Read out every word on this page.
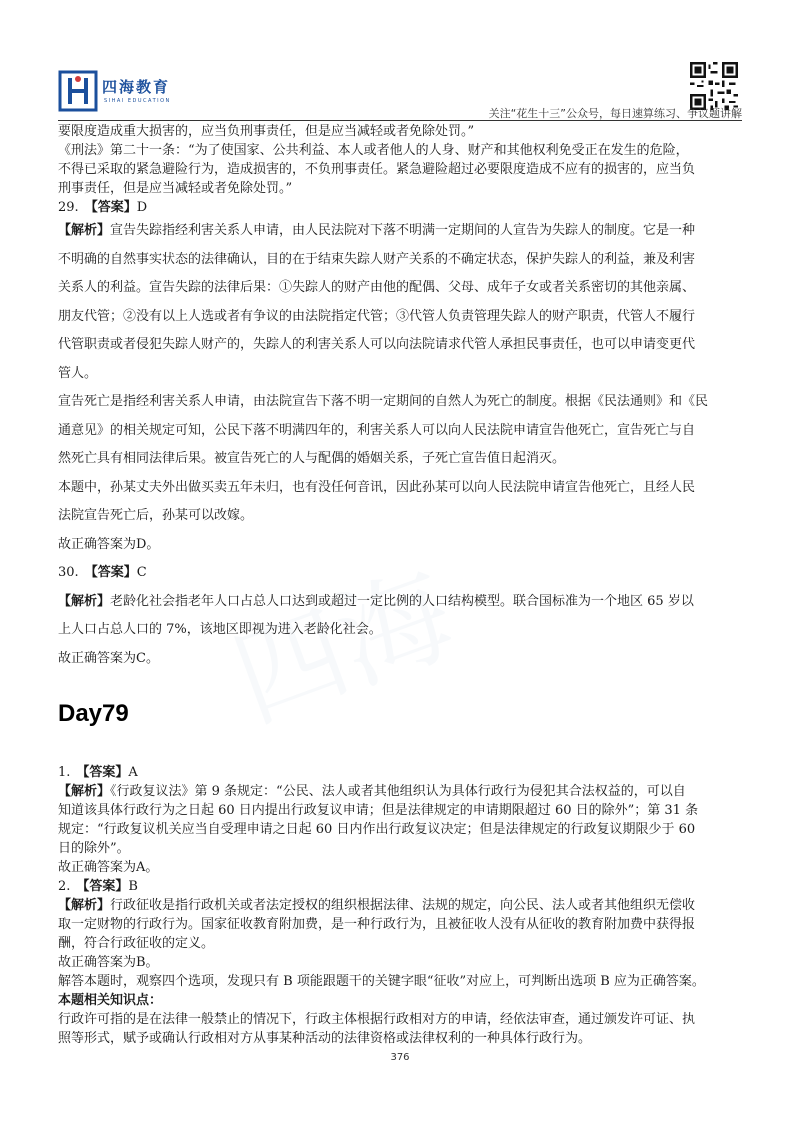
四海教育
SIHAI EDUCATION
关注“花生十三”公众号，每日速算练习、争议题讲解

要限度造成重大损害的，应当负刑事责任，但是应当减轻或者免除处罚。”

《刑法》第二十一条：“为了使国家、公共利益、本人或者他人的人身、财产和其他权利免受正在发生的危险，

不得已采取的紧急避险行为，造成损害的，不负刑事责任。紧急避险超过必要限度造成不应有的损害的，应当负

刑事责任，但是应当减轻或者免除处罚。”

29. 【答案】D

【解析】宣告失踪指经利害关系人申请，由人民法院对下落不明满一定期间的人宣告为失踪人的制度。它是一种

不明确的自然事实状态的法律确认，目的在于结束失踪人财产关系的不确定状态，保护失踪人的利益，兼及利害

关系人的利益。宣告失踪的法律后果：①失踪人的财产由他的配偶、父母、成年子女或者关系密切的其他亲属、

朋友代管；②没有以上人选或者有争议的由法院指定代管；③代管人负责管理失踪人的财产职责，代管人不履行

代管职责或者侵犯失踪人财产的，失踪人的利害关系人可以向法院请求代管人承担民事责任，也可以申请变更代

管人。

宣告死亡是指经利害关系人申请，由法院宣告下落不明一定期间的自然人为死亡的制度。根据《民法通则》和《民

通意见》的相关规定可知，公民下落不明满四年的，利害关系人可以向人民法院申请宣告他死亡，宣告死亡与自

然死亡具有相同法律后果。被宣告死亡的人与配偶的婚姻关系，子死亡宣告值日起消灭。

本题中，孙某丈夫外出做买卖五年未归，也有没任何音讯，因此孙某可以向人民法院申请宣告他死亡，且经人民

法院宣告死亡后，孙某可以改嫁。

故正确答案为D。

30. 【答案】C

【解析】老龄化社会指老年人口占总人口达到或超过一定比例的人口结构模型。联合国标准为一个地区 65 岁以

上人口占总人口的 7%，该地区即视为进入老龄化社会。

故正确答案为C。

Day79

1. 【答案】A

【解析】《行政复议法》第 9 条规定：“公民、法人或者其他组织认为具体行政行为侵犯其合法权益的，可以自

知道该具体行政行为之日起 60 日内提出行政复议申请；但是法律规定的申请期限超过 60 日的除外”；第 31 条

规定：“行政复议机关应当自受理申请之日起 60 日内作出行政复议决定；但是法律规定的行政复议期限少于 60

日的除外”。

故正确答案为A。

2. 【答案】B

【解析】行政征收是指行政机关或者法定授权的组织根据法律、法规的规定，向公民、法人或者其他组织无偿收

取一定财物的行政行为。国家征收教育附加费，是一种行政行为，且被征收人没有从征收的教育附加费中获得报

酬，符合行政征收的定义。

故正确答案为B。

解答本题时，观察四个选项，发现只有 B 项能跟题干的关键字眼“征收”对应上，可判断出选项 B 应为正确答案。

本题相关知识点：

行政许可指的是在法律一般禁止的情况下，行政主体根据行政相对方的申请，经依法审查，通过颁发许可证、执

照等形式，赋予或确认行政相对方从事某种活动的法律资格或法律权利的一种具体行政行为。

376
